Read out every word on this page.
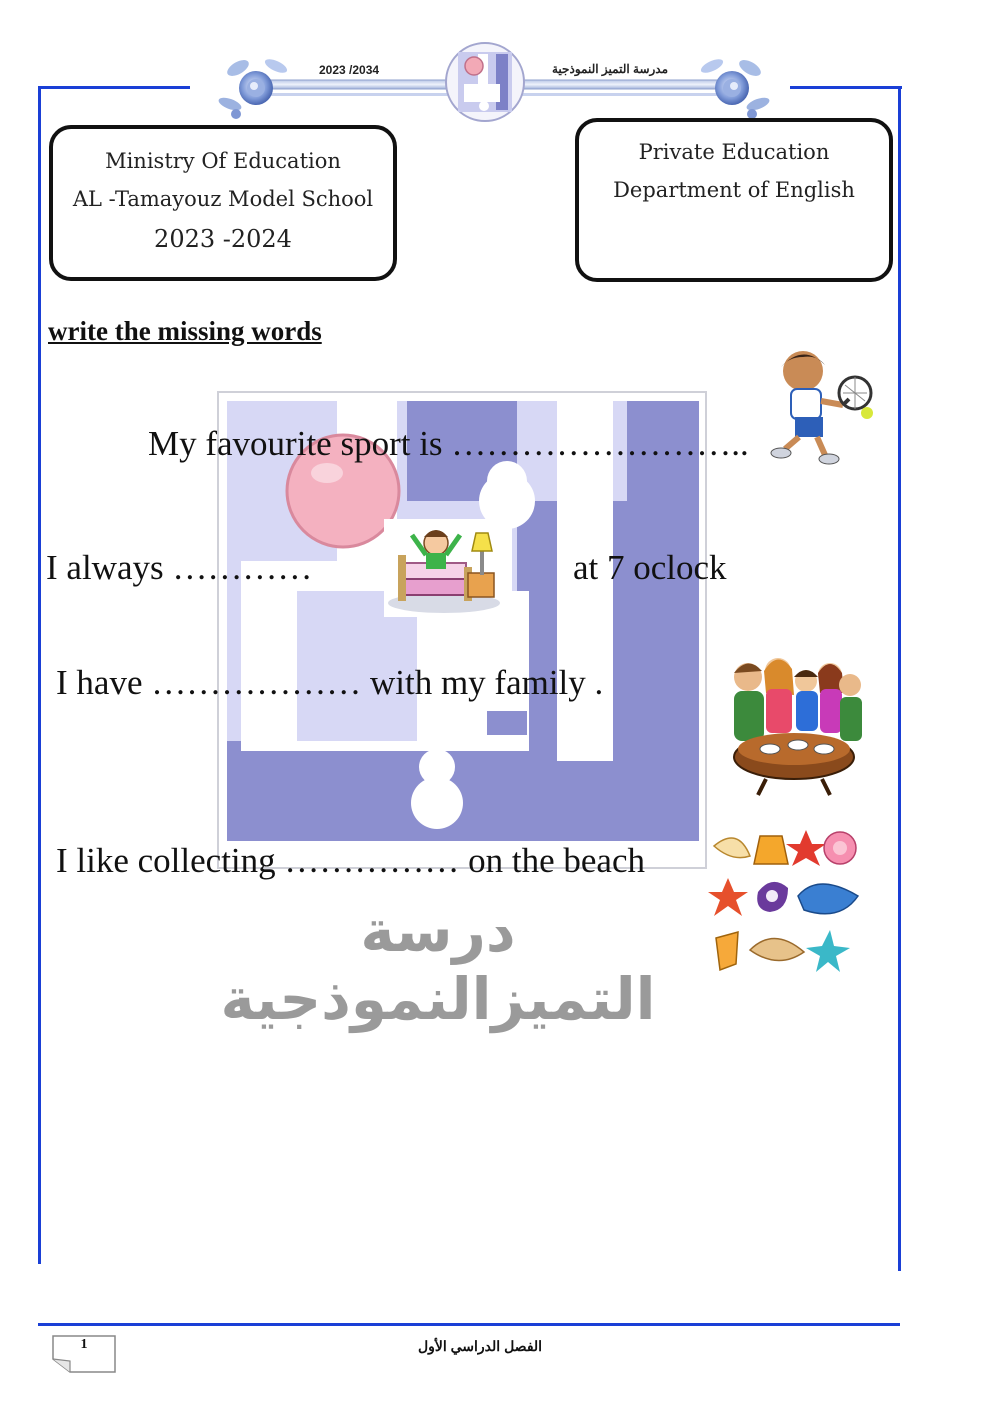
2023 /2034	مدرسة التميز النموذجية
Ministry Of Education
AL -Tamayouz Model School
2023 -2024
Private Education
Department of English
write the missing words
My favourite sport is ……………………..
I always …………	at 7 oclock
I have ……………… with my family .
I like collecting …………… on the beach
درسة التميزالنموذجية
1	الفصل الدراسي الأول
